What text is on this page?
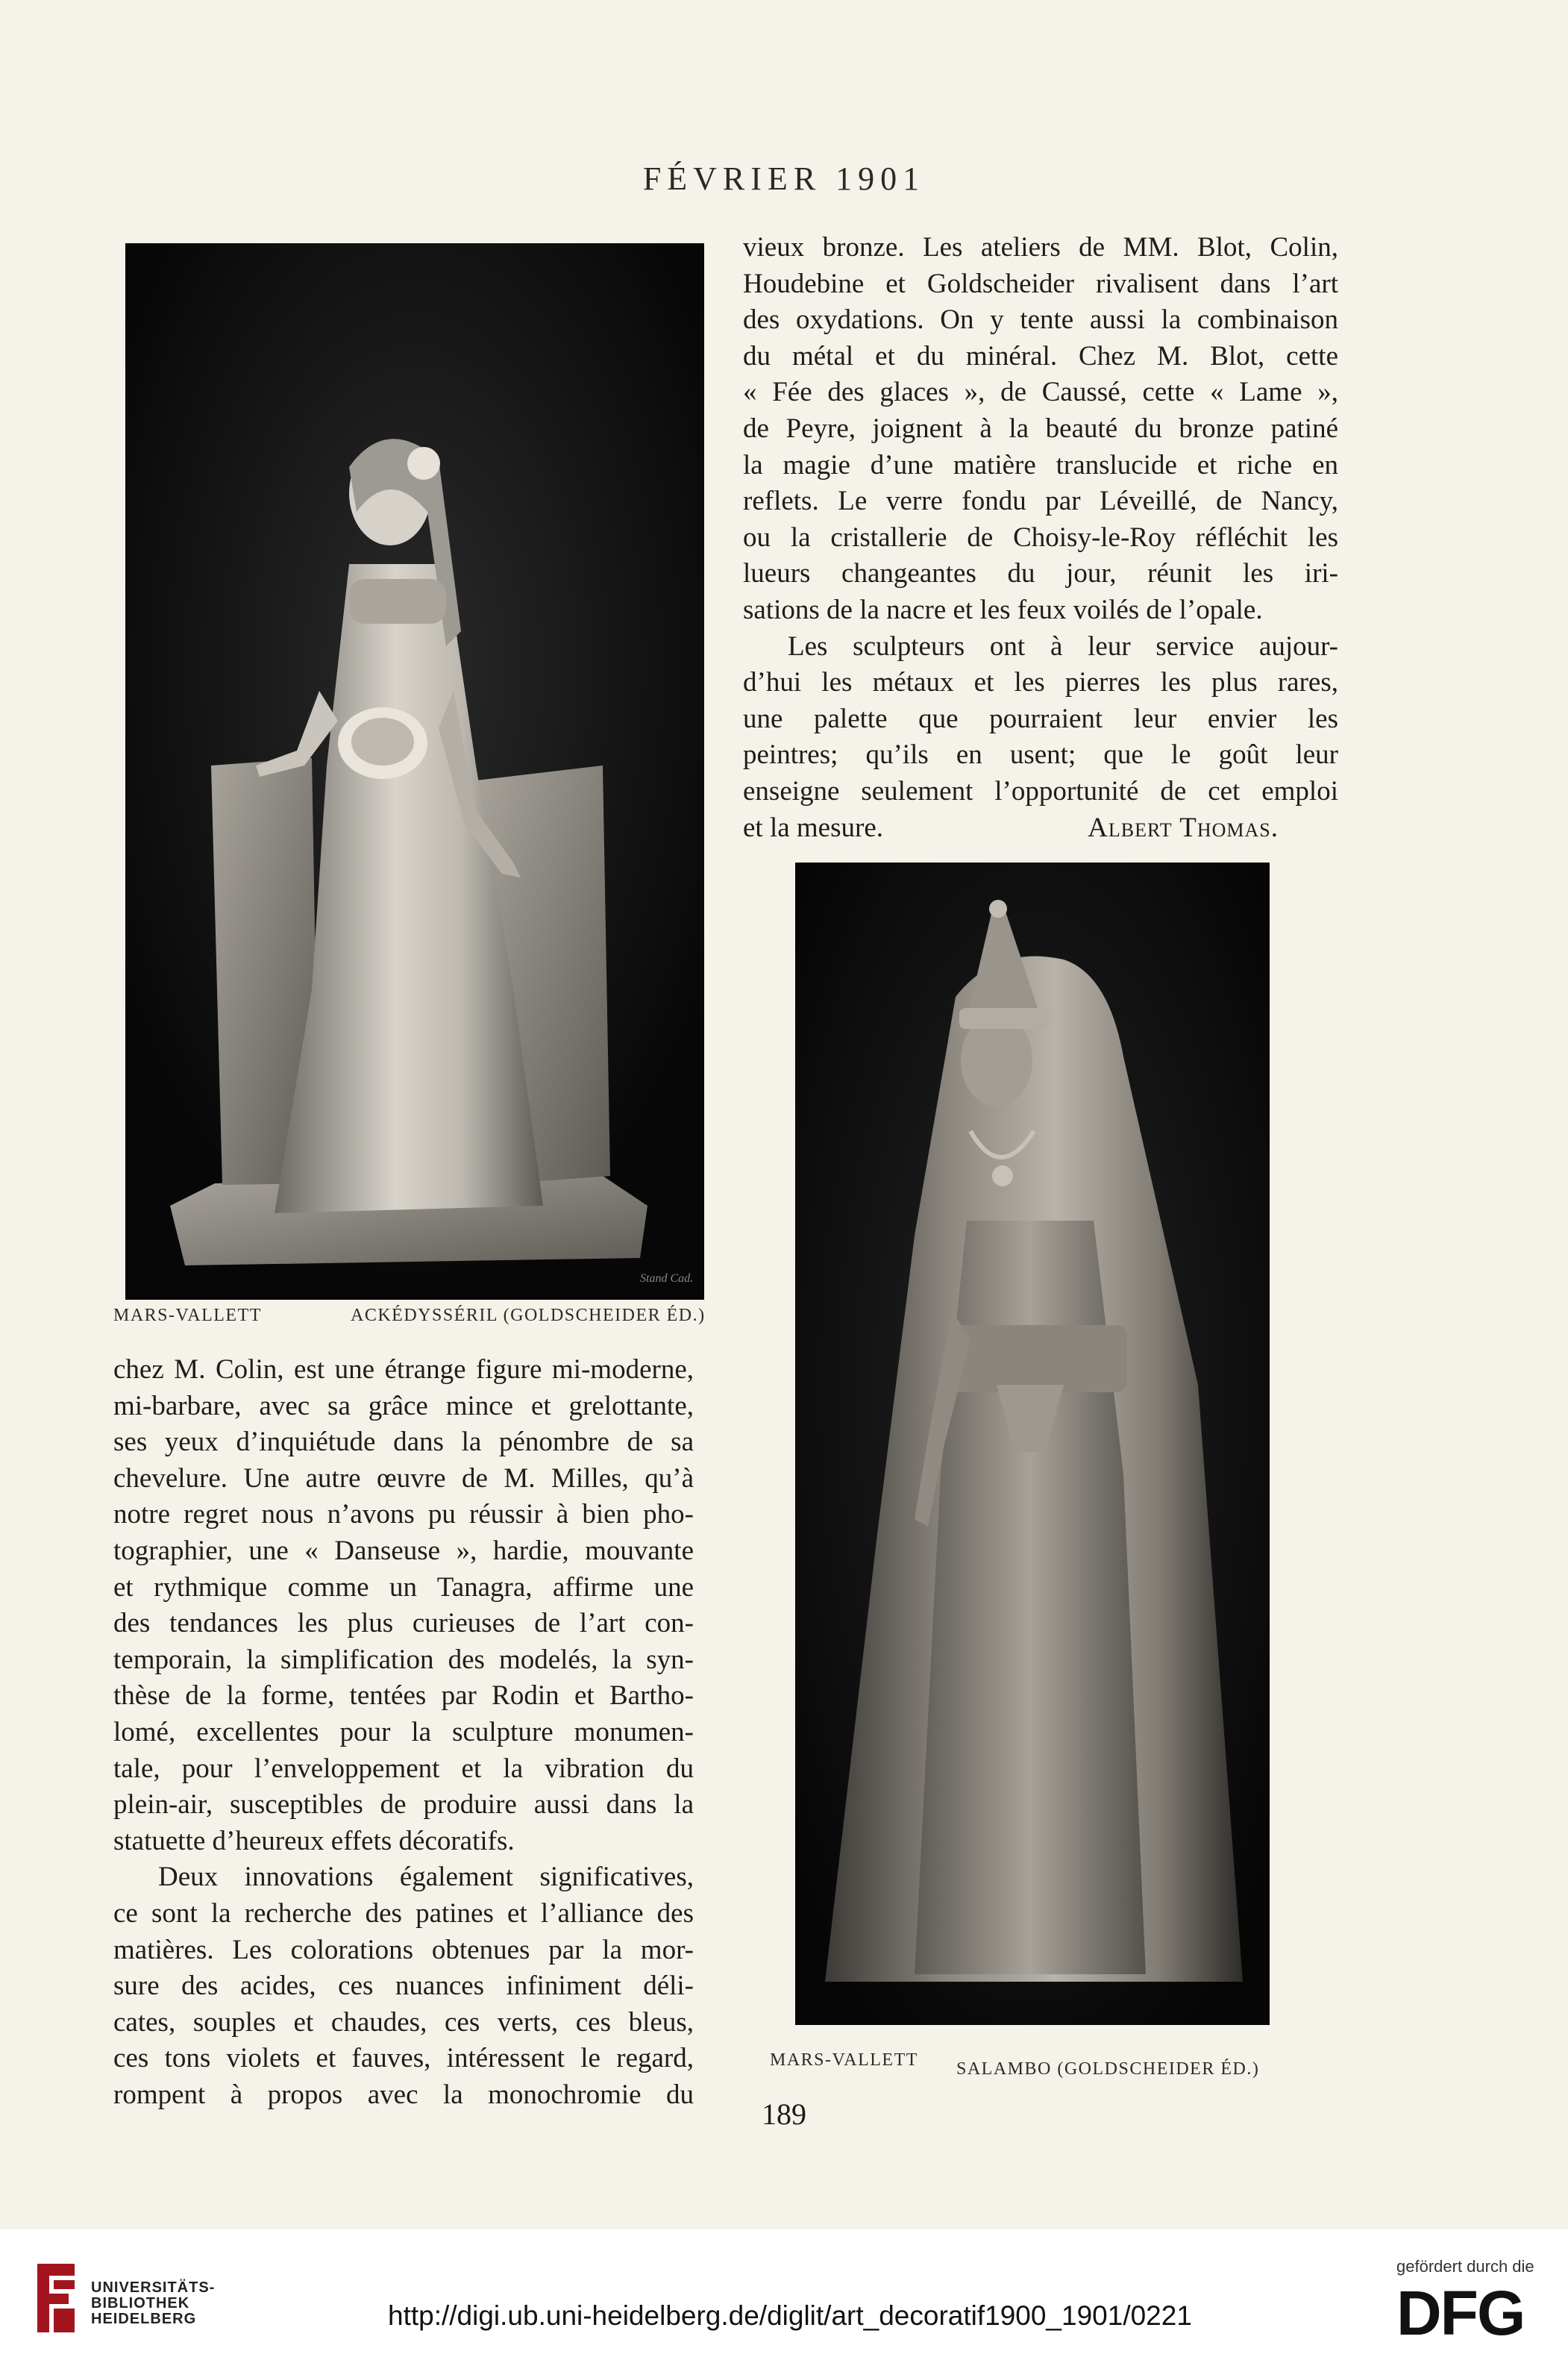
FÉVRIER 1901
Stand Cad.
MARS-VALLETT	ACKÉDYSSÉRIL (GOLDSCHEIDER ÉD.)
vieux bronze. Les ateliers de MM. Blot, Colin,
Houdebine et Goldscheider rivalisent dans l’art
des oxydations. On y tente aussi la combinaison
du métal et du minéral. Chez M. Blot, cette
« Fée des glaces », de Caussé, cette « Lame »,
de Peyre, joignent à la beauté du bronze patiné
la magie d’une matière translucide et riche en
reflets. Le verre fondu par Léveillé, de Nancy,
ou la cristallerie de Choisy-le-Roy réfléchit les
lueurs changeantes du jour, réunit les iri-
sations de la nacre et les feux voilés de l’opale.
Les sculpteurs ont à leur service aujour-
d’hui les métaux et les pierres les plus rares,
une palette que pourraient leur envier les
peintres; qu’ils en usent; que le goût leur
enseigne seulement l’opportunité de cet emploi
et la mesure.	Albert Thomas.
MARS-VALLETT SALAMBO (GOLDSCHEIDER ÉD.)
chez M. Colin, est une étrange figure mi-moderne,
mi-barbare, avec sa grâce mince et grelottante,
ses yeux d’inquiétude dans la pénombre de sa
chevelure. Une autre œuvre de M. Milles, qu’à
notre regret nous n’avons pu réussir à bien pho-
tographier, une « Danseuse », hardie, mouvante
et rythmique comme un Tanagra, affirme une
des tendances les plus curieuses de l’art con-
temporain, la simplification des modelés, la syn-
thèse de la forme, tentées par Rodin et Bartho-
lomé, excellentes pour la sculpture monumen-
tale, pour l’enveloppement et la vibration du
plein-air, susceptibles de produire aussi dans la
statuette d’heureux effets décoratifs.
Deux innovations également significatives,
ce sont la recherche des patines et l’alliance des
matières. Les colorations obtenues par la mor-
sure des acides, ces nuances infiniment déli-
cates, souples et chaudes, ces verts, ces bleus,
ces tons violets et fauves, intéressent le regard,
rompent à propos avec la monochromie du
189
UNIVERSITÄTS- BIBLIOTHEK HEIDELBERG	http://digi.ub.uni-heidelberg.de/diglit/art_decoratif1900_1901/0221
gefördert durch die
DFG
